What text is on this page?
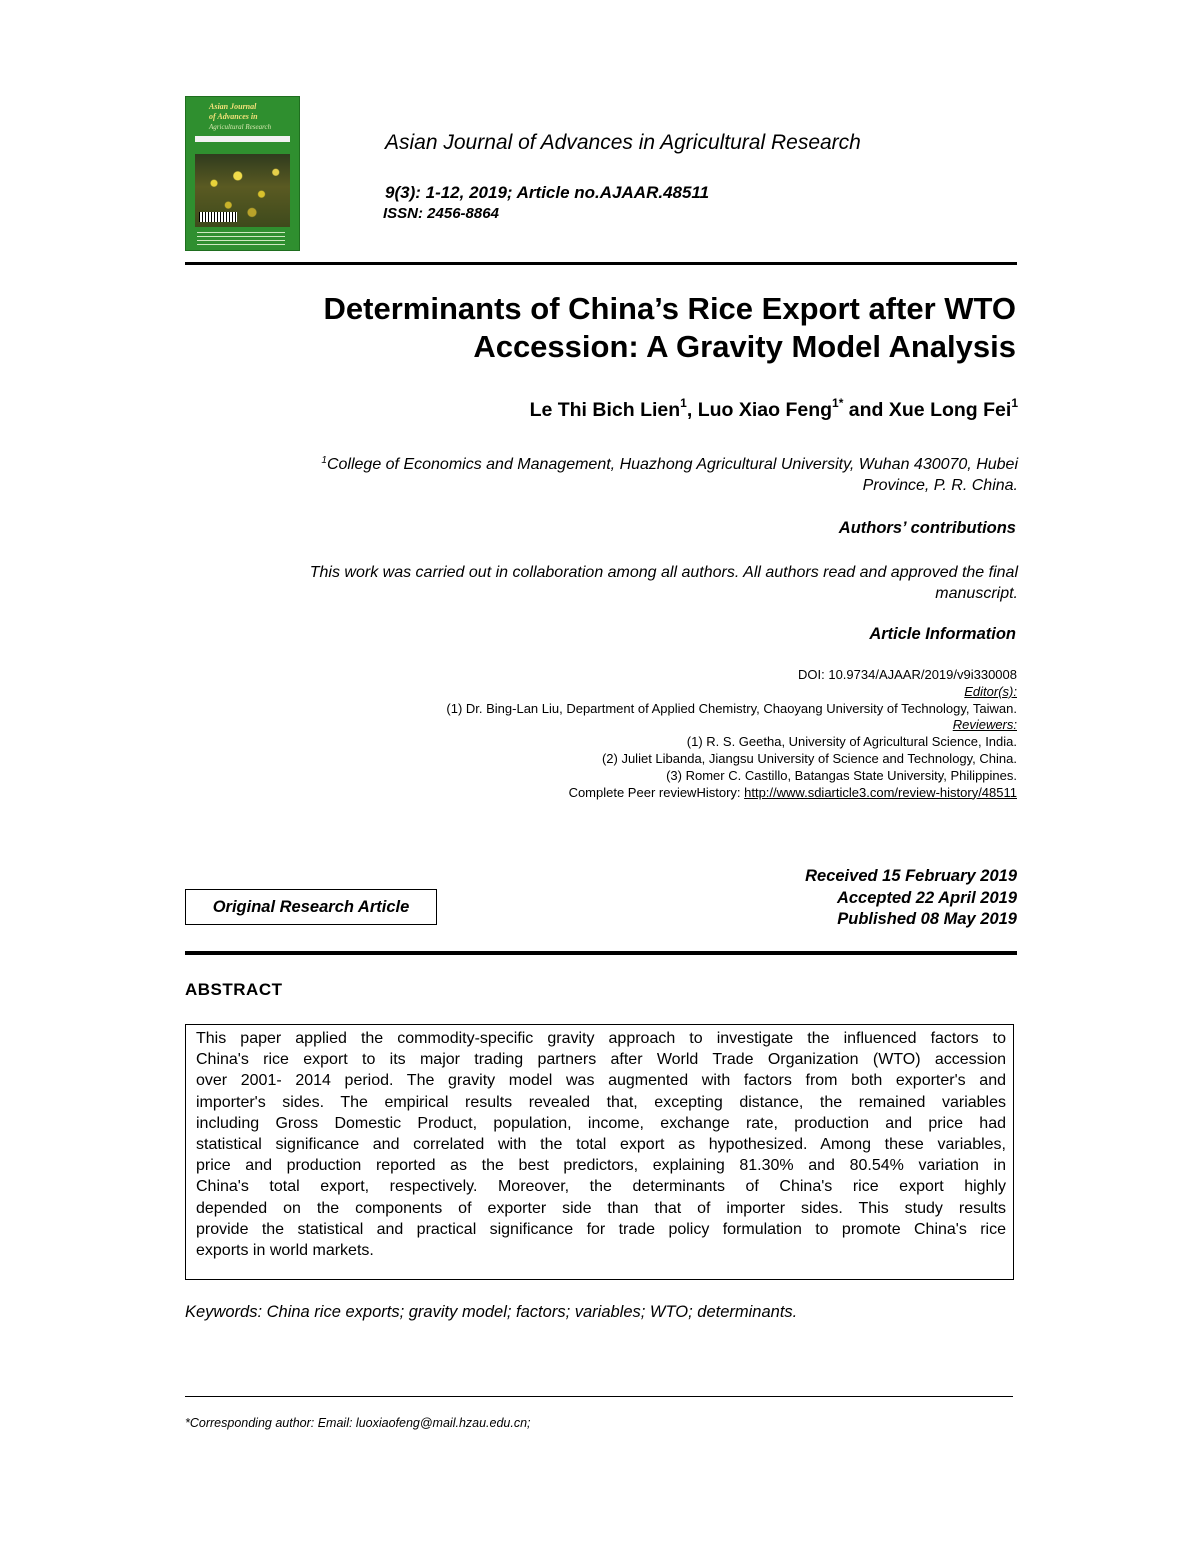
Asian Journal
of Advances in
Agricultural Research
Asian Journal of Advances in Agricultural Research
9(3): 1-12, 2019; Article no.AJAAR.48511
ISSN: 2456-8864
Determinants of China’s Rice Export after WTO
Accession: A Gravity Model Analysis
Le Thi Bich Lien$^1$, Luo Xiao Feng$^{1*}$ and Xue Long Fei$^1$
$^1$College of Economics and Management, Huazhong Agricultural University, Wuhan 430070, Hubei
Province, P. R. China.
Authors’ contributions
This work was carried out in collaboration among all authors. All authors read and approved the final
manuscript.
Article Information
DOI: 10.9734/AJAAR/2019/v9i330008
Editor(s):
(1) Dr. Bing-Lan Liu, Department of Applied Chemistry, Chaoyang University of Technology, Taiwan.
Reviewers:
(1) R. S. Geetha, University of Agricultural Science, India.
(2) Juliet Libanda, Jiangsu University of Science and Technology, China.
(3) Romer C. Castillo, Batangas State University, Philippines.
Complete Peer reviewHistory: http://www.sdiarticle3.com/review-history/48511
Original Research Article
Received 15 February 2019
Accepted 22 April 2019
Published 08 May 2019
ABSTRACT
This paper applied the commodity-specific gravity approach to investigate the influenced factors to
China's rice export to its major trading partners after World Trade Organization (WTO) accession
over 2001- 2014 period. The gravity model was augmented with factors from both exporter's and
importer's sides. The empirical results revealed that, excepting distance, the remained variables
including Gross Domestic Product, population, income, exchange rate, production and price had
statistical significance and correlated with the total export as hypothesized. Among these variables,
price and production reported as the best predictors, explaining 81.30% and 80.54% variation in
China's total export, respectively. Moreover, the determinants of China's rice export highly
depended on the components of exporter side than that of importer sides. This study results
provide the statistical and practical significance for trade policy formulation to promote China's rice
exports in world markets.
Keywords: China rice exports; gravity model; factors; variables; WTO; determinants.
*Corresponding author: Email: luoxiaofeng@mail.hzau.edu.cn;
